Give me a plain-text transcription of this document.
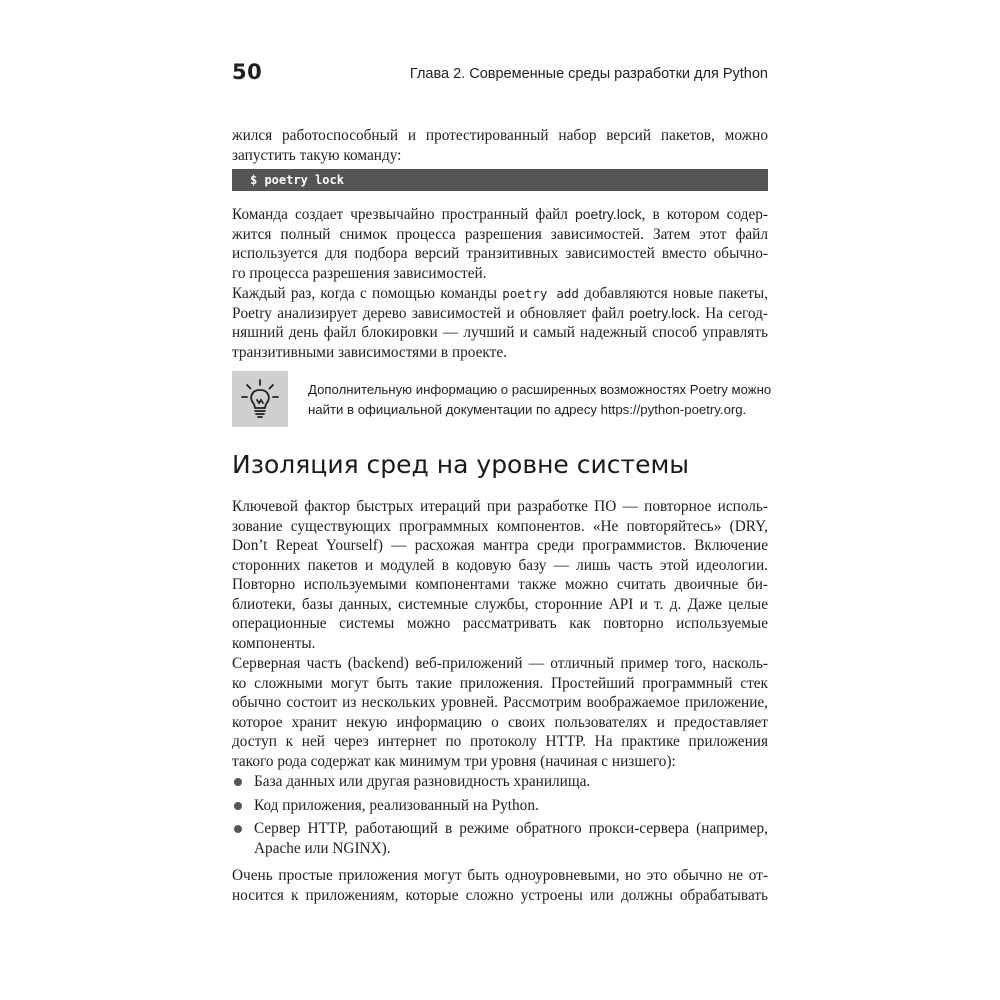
50	Глава 2. Современные среды разработки для Python
жился работоспособный и протестированный набор версий пакетов, можно
запустить такую команду:
$ poetry lock
Команда создает чрезвычайно пространный файл poetry.lock, в котором содер-
жится полный снимок процесса разрешения зависимостей. Затем этот файл
используется для подбора версий транзитивных зависимостей вместо обычно-
го процесса разрешения зависимостей.
Каждый раз, когда с помощью команды poetry add добавляются новые пакеты,
Poetry анализирует дерево зависимостей и обновляет файл poetry.lock. На сегод-
няшний день файл блокировки — лучший и самый надежный способ управлять
транзитивными зависимостями в проекте.
Дополнительную информацию о расширенных возможностях Poetry можно
найти в официальной документации по адресу https://python-poetry.org.
Изоляция сред на уровне системы
Ключевой фактор быстрых итераций при разработке ПО — повторное исполь-
зование существующих программных компонентов. «Не повторяйтесь» (DRY,
Don’t Repeat Yourself) — расхожая мантра среди программистов. Включение
сторонних пакетов и модулей в кодовую базу — лишь часть этой идеологии.
Повторно используемыми компонентами также можно считать двоичные би-
блиотеки, базы данных, системные службы, сторонние API и т. д. Даже целые
операционные системы можно рассматривать как повторно используемые
компоненты.
Серверная часть (backend) веб-приложений — отличный пример того, насколь-
ко сложными могут быть такие приложения. Простейший программный стек
обычно состоит из нескольких уровней. Рассмотрим воображаемое приложение,
которое хранит некую информацию о своих пользователях и предоставляет
доступ к ней через интернет по протоколу HTTP. На практике приложения
такого рода содержат как минимум три уровня (начиная с низшего):
База данных или другая разновидность хранилища.
Код приложения, реализованный на Python.
Сервер HTTP, работающий в режиме обратного прокси-сервера (например,
Apache или NGINX).
Очень простые приложения могут быть одноуровневыми, но это обычно не от-
носится к приложениям, которые сложно устроены или должны обрабатывать
